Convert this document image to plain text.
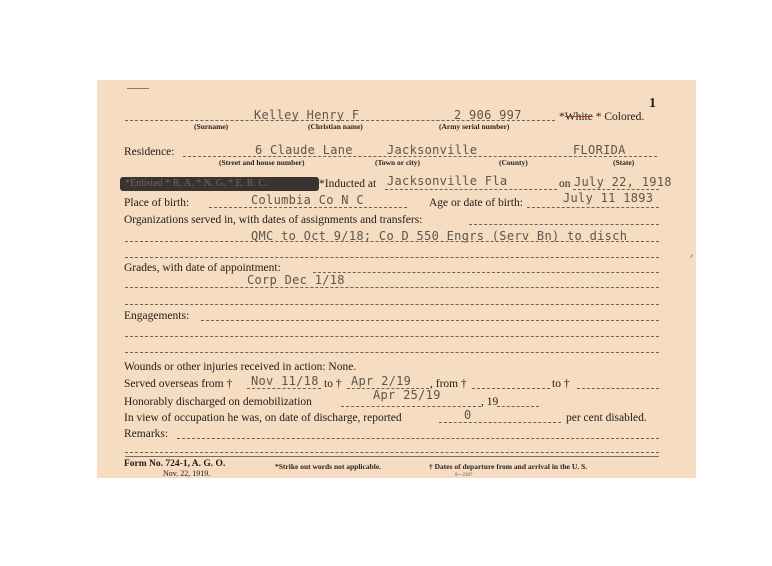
1
Kelley Henry F	2 906 997	*White * Colored.
(Surname)	(Christian name)	(Army serial number)
Residence:	6 Claude Lane	Jacksonville	FLORIDA
(Street and house number)	(Town or city)	(County)	(State)
*Enlisted * R. A. * N. G. * E. R. C.	*Inducted at Jacksonville Fla	on July 22, 1918
Place of birth:	Columbia Co N C	Age or date of birth:	July 11 1893
Organizations served in, with dates of assignments and transfers:
QMC to Oct 9/18; Co D 550 Engrs (Serv Bn) to disch
Grades, with date of appointment:
Corp Dec 1/18
Engagements:
Wounds or other injuries received in action: None.
Served overseas from † Nov 11/18 to † Apr 2/19 , from †	to †
Honorably discharged on demobilization	Apr 25/19	, 19
In view of occupation he was, on date of discharge, reported	0	per cent disabled.
Remarks:
Form No. 724-1, A. G. O.
Nov. 22, 1919.
*Strike out words not applicable.	† Dates of departure from and arrival in the U. S.
8—2387
